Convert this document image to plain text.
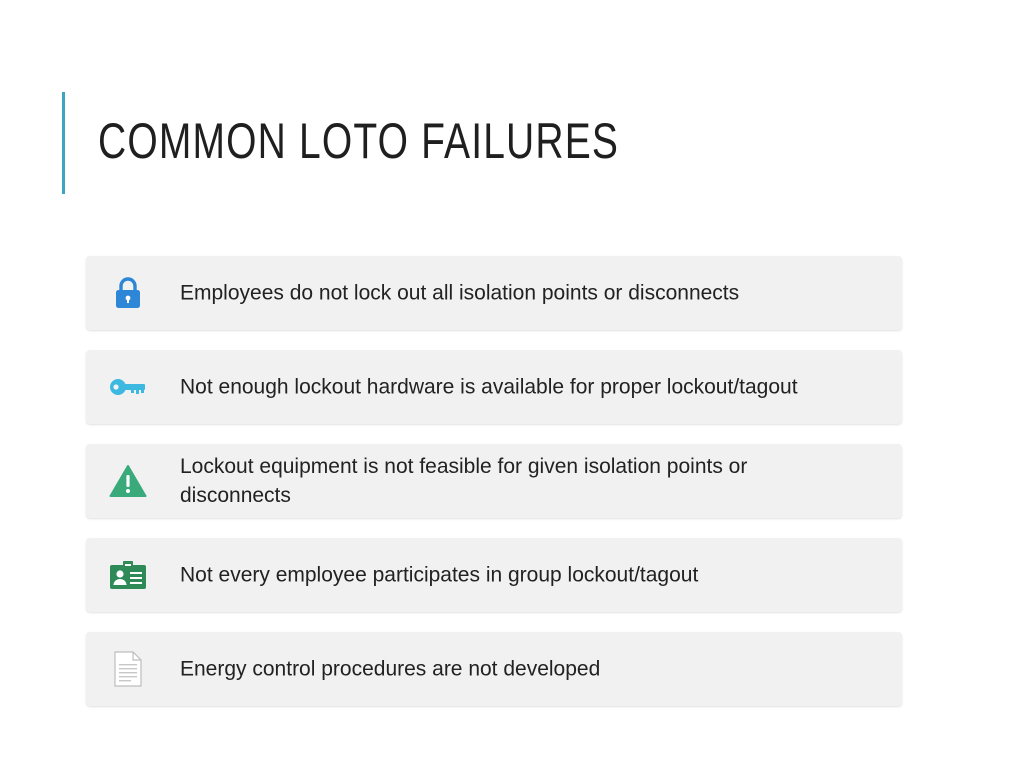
COMMON LOTO FAILURES
Employees do not lock out all isolation points or disconnects
Not enough lockout hardware is available for proper lockout/tagout
Lockout equipment is not feasible for given isolation points or disconnects
Not every employee participates in group lockout/tagout
Energy control procedures are not developed
